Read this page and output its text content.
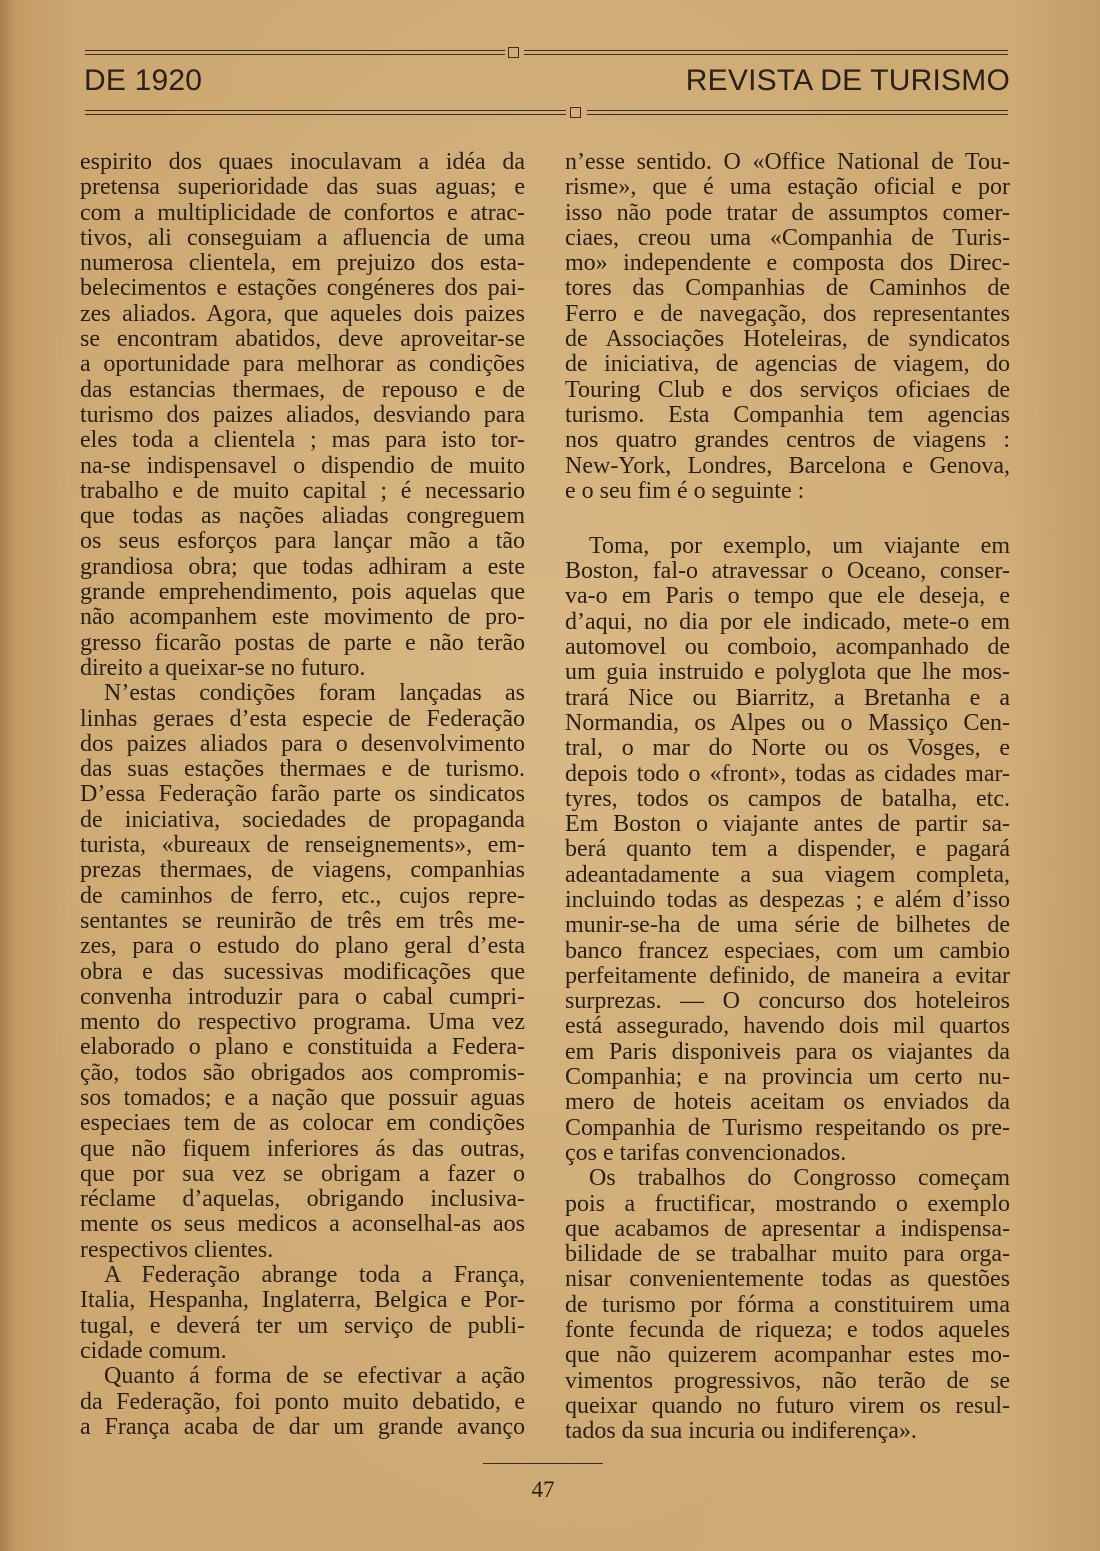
DE 1920	REVISTA DE TURISMO
espirito dos quaes inoculavam a idéa da
pretensa superioridade das suas aguas; e
com a multiplicidade de confortos e atrac-
tivos, ali conseguiam a afluencia de uma
numerosa clientela, em prejuizo dos esta-
belecimentos e estações congéneres dos pai-
zes aliados. Agora, que aqueles dois paizes
se encontram abatidos, deve aproveitar-se
a oportunidade para melhorar as condições
das estancias thermaes, de repouso e de
turismo dos paizes aliados, desviando para
eles toda a clientela ; mas para isto tor-
na-se indispensavel o dispendio de muito
trabalho e de muito capital ; é necessario
que todas as nações aliadas congreguem
os seus esforços para lançar mão a tão
grandiosa obra; que todas adhiram a este
grande emprehendimento, pois aquelas que
não acompanhem este movimento de pro-
gresso ficarão postas de parte e não terão
direito a queixar-se no futuro.
N’estas condições foram lançadas as
linhas geraes d’esta especie de Federação
dos paizes aliados para o desenvolvimento
das suas estações thermaes e de turismo.
D’essa Federação farão parte os sindicatos
de iniciativa, sociedades de propaganda
turista, «bureaux de renseignements», em-
prezas thermaes, de viagens, companhias
de caminhos de ferro, etc., cujos repre-
sentantes se reunirão de três em três me-
zes, para o estudo do plano geral d’esta
obra e das sucessivas modificações que
convenha introduzir para o cabal cumpri-
mento do respectivo programa. Uma vez
elaborado o plano e constituida a Federa-
ção, todos são obrigados aos compromis-
sos tomados; e a nação que possuir aguas
especiaes tem de as colocar em condições
que não fiquem inferiores ás das outras,
que por sua vez se obrigam a fazer o
réclame d’aquelas, obrigando inclusiva-
mente os seus medicos a aconselhal-as aos
respectivos clientes.
A Federação abrange toda a França,
Italia, Hespanha, Inglaterra, Belgica e Por-
tugal, e deverá ter um serviço de publi-
cidade comum.
Quanto á forma de se efectivar a ação
da Federação, foi ponto muito debatido, e
a França acaba de dar um grande avanço
n’esse sentido. O «Office National de Tou-
risme», que é uma estação oficial e por
isso não pode tratar de assumptos comer-
ciaes, creou uma «Companhia de Turis-
mo» independente e composta dos Direc-
tores das Companhias de Caminhos de
Ferro e de navegação, dos representantes
de Associações Hoteleiras, de syndicatos
de iniciativa, de agencias de viagem, do
Touring Club e dos serviços oficiaes de
turismo. Esta Companhia tem agencias
nos quatro grandes centros de viagens :
New-York, Londres, Barcelona e Genova,
e o seu fim é o seguinte :
Toma, por exemplo, um viajante em
Boston, fal-o atravessar o Oceano, conser-
va-o em Paris o tempo que ele deseja, e
d’aqui, no dia por ele indicado, mete-o em
automovel ou comboio, acompanhado de
um guia instruido e polyglota que lhe mos-
trará Nice ou Biarritz, a Bretanha e a
Normandia, os Alpes ou o Massiço Cen-
tral, o mar do Norte ou os Vosges, e
depois todo o «front», todas as cidades mar-
tyres, todos os campos de batalha, etc.
Em Boston o viajante antes de partir sa-
berá quanto tem a dispender, e pagará
adeantadamente a sua viagem completa,
incluindo todas as despezas ; e além d’isso
munir-se-ha de uma série de bilhetes de
banco francez especiaes, com um cambio
perfeitamente definido, de maneira a evitar
surprezas. — O concurso dos hoteleiros
está assegurado, havendo dois mil quartos
em Paris disponiveis para os viajantes da
Companhia; e na provincia um certo nu-
mero de hoteis aceitam os enviados da
Companhia de Turismo respeitando os pre-
ços e tarifas convencionados.
Os trabalhos do Congrosso começam
pois a fructificar, mostrando o exemplo
que acabamos de apresentar a indispensa-
bilidade de se trabalhar muito para orga-
nisar convenientemente todas as questões
de turismo por fórma a constituirem uma
fonte fecunda de riqueza; e todos aqueles
que não quizerem acompanhar estes mo-
vimentos progressivos, não terão de se
queixar quando no futuro virem os resul-
tados da sua incuria ou indiferença».
47
